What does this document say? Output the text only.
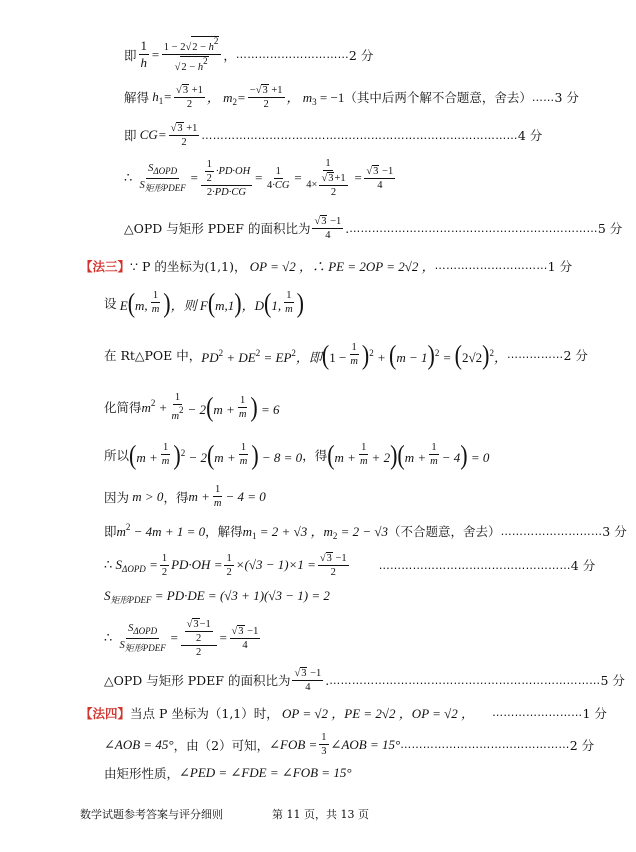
即 $\frac{1}{h} = \frac{1 - 2 √ 2 - h2}{√ 2 - h2}$ ， ………………………… 2 分
解得 $h_1= \frac{√ 3 +1}{2}$ ， $m_2= \frac{- √ 3 +1}{2}$ ， $m_3 = -1$ （其中后两个解不合题意，舍去） …… 3 分
即 $CG= \frac{√ 3 +1}{2}$ ………………………………………………………………………… 4 分
∴ $\frac{\text{SΔOPD}}{\text{S矩形PDEF}} = \frac{\frac{1}{2} \cdot PD\cdot OH}{2\cdot PD\cdot CG} = \frac{1}{4\cdot CG} = \frac{1}{4\times \frac{√ 3 +1}{2}} = \frac{√ 3 -1}{4}$
△OPD 与矩形 PDEF 的面积比为 $\frac{√ 3 -1}{4}$ . ………………………………………………………… 5 分
【法三】 ∵ P 的坐标为(1,1)， OP = √2 ，∴ PE = 2OP = 2√2 ， ………………………… 1 分
设 E(m, $\frac{1}{m}$ )，则 F(m,1)，D(1, $\frac{1}{m}$ )
在 Rt△POE 中， $PD^2 + DE^2 = EP^2$，即$(1 - \frac{1}{m} )^2 + (m - 1)^2 = (2√2)^2$， …………… 2 分
化简得 $m^2 + \frac{1}{m2} - 2(m + \frac{1}{m}$ ) = 6
所以 $(m + \frac{1}{m} )^2 - 2(m + \frac{1}{m}$ ) − 8 = 0 ，得 $(m + \frac{1}{m} + 2)(m + \frac{1}{m} - 4) = 0$
因为 m > 0 ，得 $m + \frac{1}{m} - 4 = 0$
即 $m^2 - 4m + 1 = 0$ ，解得 $m_1 = 2 + √3$ ，$m_2 = 2 - √3$ （不合题意，舍去） ……………………… 3 分
∴ $S_{\Delta OPD} = \frac{1}{2} PD\cdot OH = \frac{1}{2} \times(√3 - 1)\times 1 = \frac{√ 3 -1}{2}$	…………………………………………… 4 分
$S_{矩形PDEF} = PD\cdot DE = (√3 + 1)(√3 - 1) = 2$
∴ $\frac{\text{SΔOPD}}{\text{S矩形PDEF}} = \frac{\frac{√ 3 -1}{2}}{2} = \frac{√ 3 -1}{4}$
△OPD 与矩形 PDEF 的面积比为 $\frac{√ 3 -1}{4}$ . ……………………………………………………………… 5 分
【法四】 当点 P 坐标为（1,1）时， OP = √2 ，PE = 2√2 ，OP = √2 ， …………………… 1 分
∠AOB = 45° ，由（2）可知， ∠FOB = $\frac{1}{3}$ ∠AOB = 15° ……………………………………… 2 分
由矩形性质， ∠PED = ∠FDE = ∠FOB = 15°
数学试题参考答案与评分细则	第 11 页，共 13 页
